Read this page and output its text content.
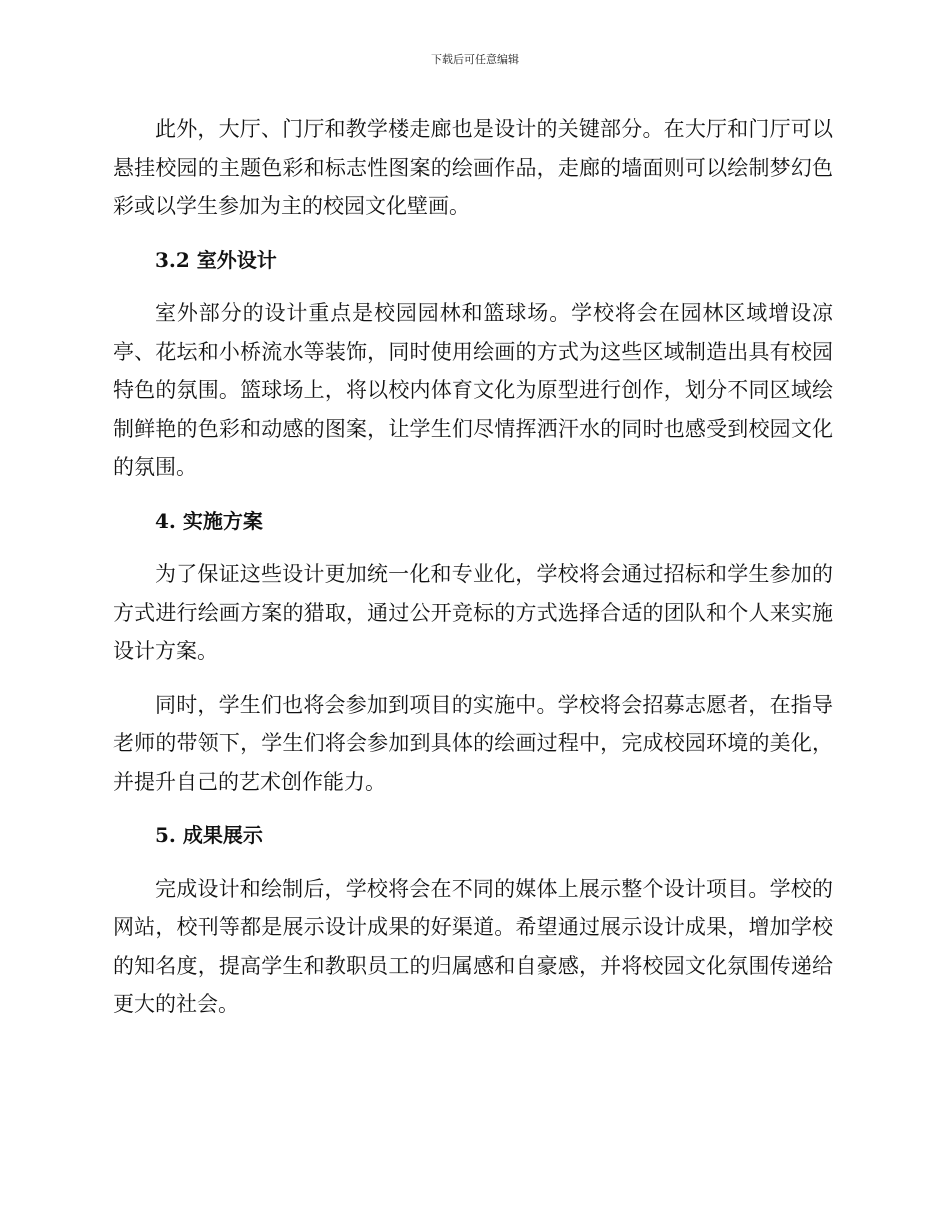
下载后可任意编辑

此外，大厅、门厅和教学楼走廊也是设计的关键部分。在大厅和门厅可以悬挂校园的主题色彩和标志性图案的绘画作品，走廊的墙面则可以绘制梦幻色彩或以学生参加为主的校园文化壁画。

3.2 室外设计

室外部分的设计重点是校园园林和篮球场。学校将会在园林区域增设凉亭、花坛和小桥流水等装饰，同时使用绘画的方式为这些区域制造出具有校园特色的氛围。篮球场上，将以校内体育文化为原型进行创作，划分不同区域绘制鲜艳的色彩和动感的图案，让学生们尽情挥洒汗水的同时也感受到校园文化的氛围。

4. 实施方案

为了保证这些设计更加统一化和专业化，学校将会通过招标和学生参加的方式进行绘画方案的猎取，通过公开竞标的方式选择合适的团队和个人来实施设计方案。

同时，学生们也将会参加到项目的实施中。学校将会招募志愿者，在指导老师的带领下，学生们将会参加到具体的绘画过程中，完成校园环境的美化，并提升自己的艺术创作能力。

5. 成果展示

完成设计和绘制后，学校将会在不同的媒体上展示整个设计项目。学校的网站，校刊等都是展示设计成果的好渠道。希望通过展示设计成果，增加学校的知名度，提高学生和教职员工的归属感和自豪感，并将校园文化氛围传递给更大的社会。
